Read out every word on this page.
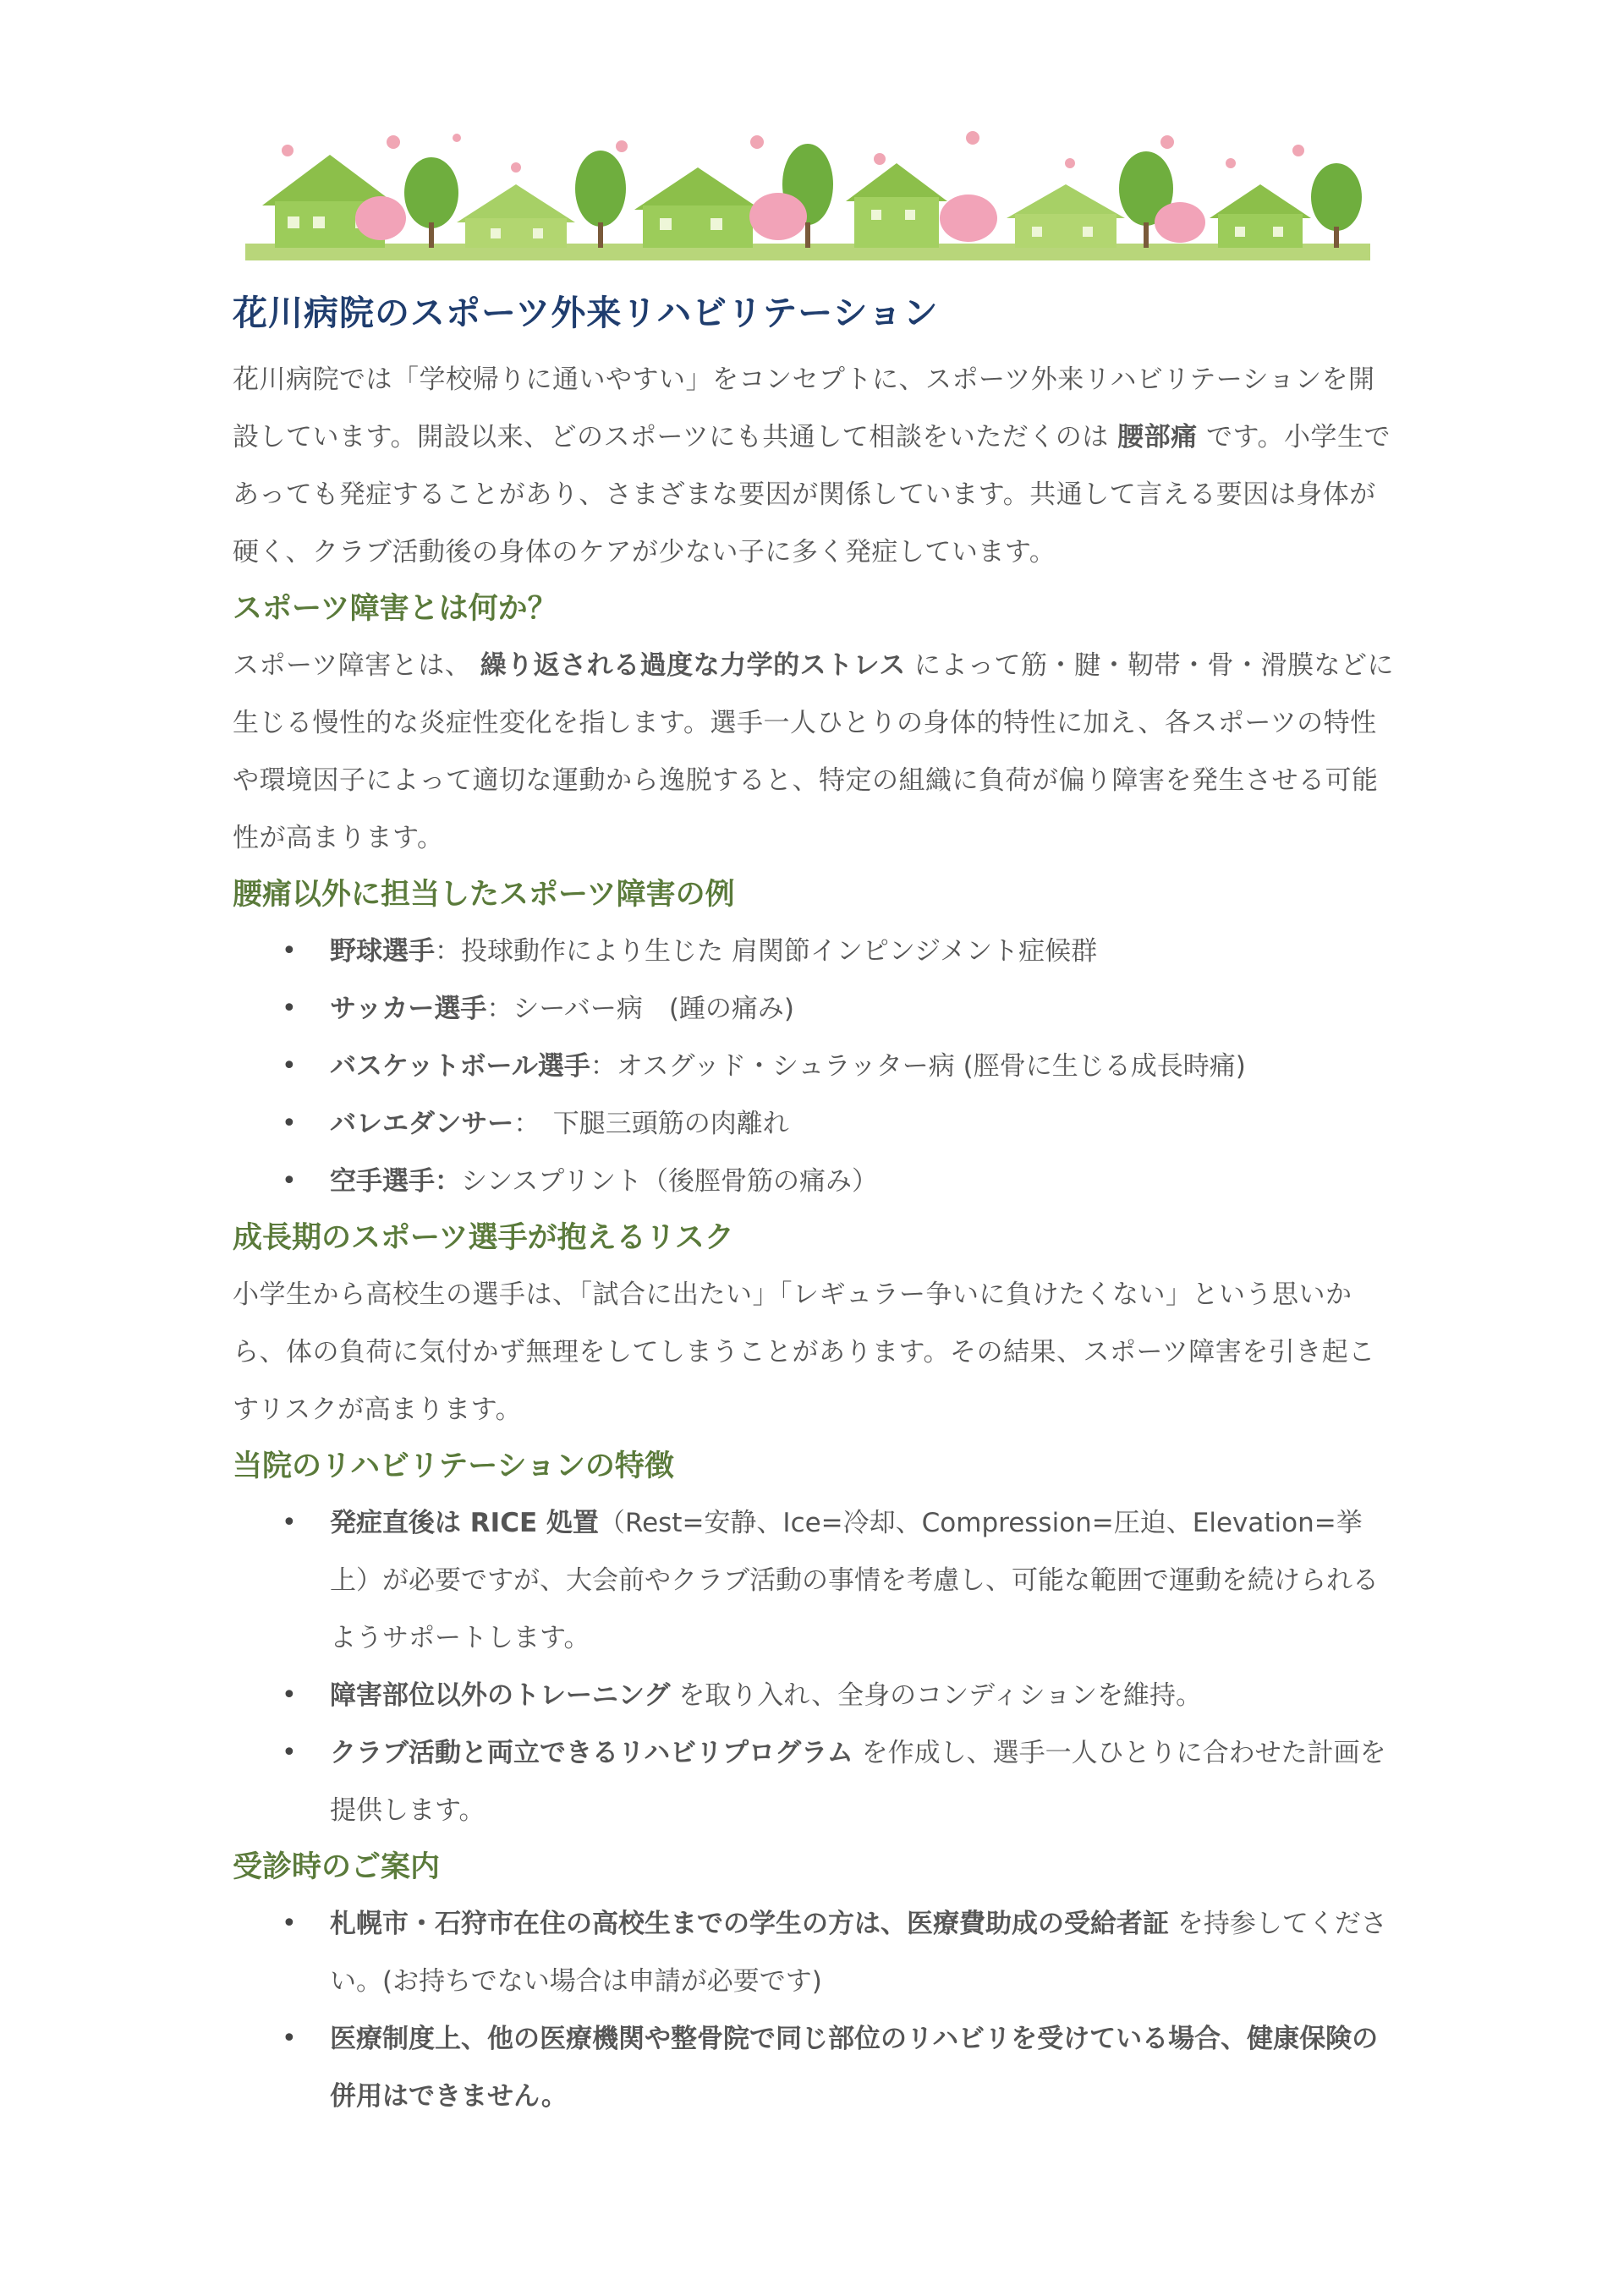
花川病院のスポーツ外来リハビリテーション

花川病院では「学校帰りに通いやすい」をコンセプトに、スポーツ外来リハビリテーションを開設しています。開設以来、どのスポーツにも共通して相談をいただくのは 腰部痛 です。小学生であっても発症することがあり、さまざまな要因が関係しています。共通して言える要因は身体が硬く、クラブ活動後の身体のケアが少ない子に多く発症しています。

スポーツ障害とは何か？

スポーツ障害とは、 繰り返される過度な力学的ストレス によって筋・腱・靭帯・骨・滑膜などに生じる慢性的な炎症性変化を指します。選手一人ひとりの身体的特性に加え、各スポーツの特性や環境因子によって適切な運動から逸脱すると、特定の組織に負荷が偏り障害を発生させる可能性が高まります。

腰痛以外に担当したスポーツ障害の例
• 野球選手：投球動作により生じた 肩関節インピンジメント症候群
• サッカー選手：シーバー病　(踵の痛み)
• バスケットボール選手：オスグッド・シュラッター病 (脛骨に生じる成長時痛)
• バレエダンサー：　下腿三頭筋の肉離れ
• 空手選手：シンスプリント（後脛骨筋の痛み）
成長期のスポーツ選手が抱えるリスク

小学生から高校生の選手は、「試合に出たい」「レギュラー争いに負けたくない」という思いから、体の負荷に気付かず無理をしてしまうことがあります。その結果、スポーツ障害を引き起こすリスクが高まります。

当院のリハビリテーションの特徴
• 発症直後は RICE 処置（Rest=安静、Ice=冷却、Compression=圧迫、Elevation=挙上）が必要ですが、大会前やクラブ活動の事情を考慮し、可能な範囲で運動を続けられるようサポートします。
• 障害部位以外のトレーニング を取り入れ、全身のコンディションを維持。
• クラブ活動と両立できるリハビリプログラム を作成し、選手一人ひとりに合わせた計画を提供します。
受診時のご案内
• 札幌市・石狩市在住の高校生までの学生の方は、医療費助成の受給者証 を持参してください。(お持ちでない場合は申請が必要です)
• 医療制度上、他の医療機関や整骨院で同じ部位のリハビリを受けている場合、健康保険の併用はできません。
